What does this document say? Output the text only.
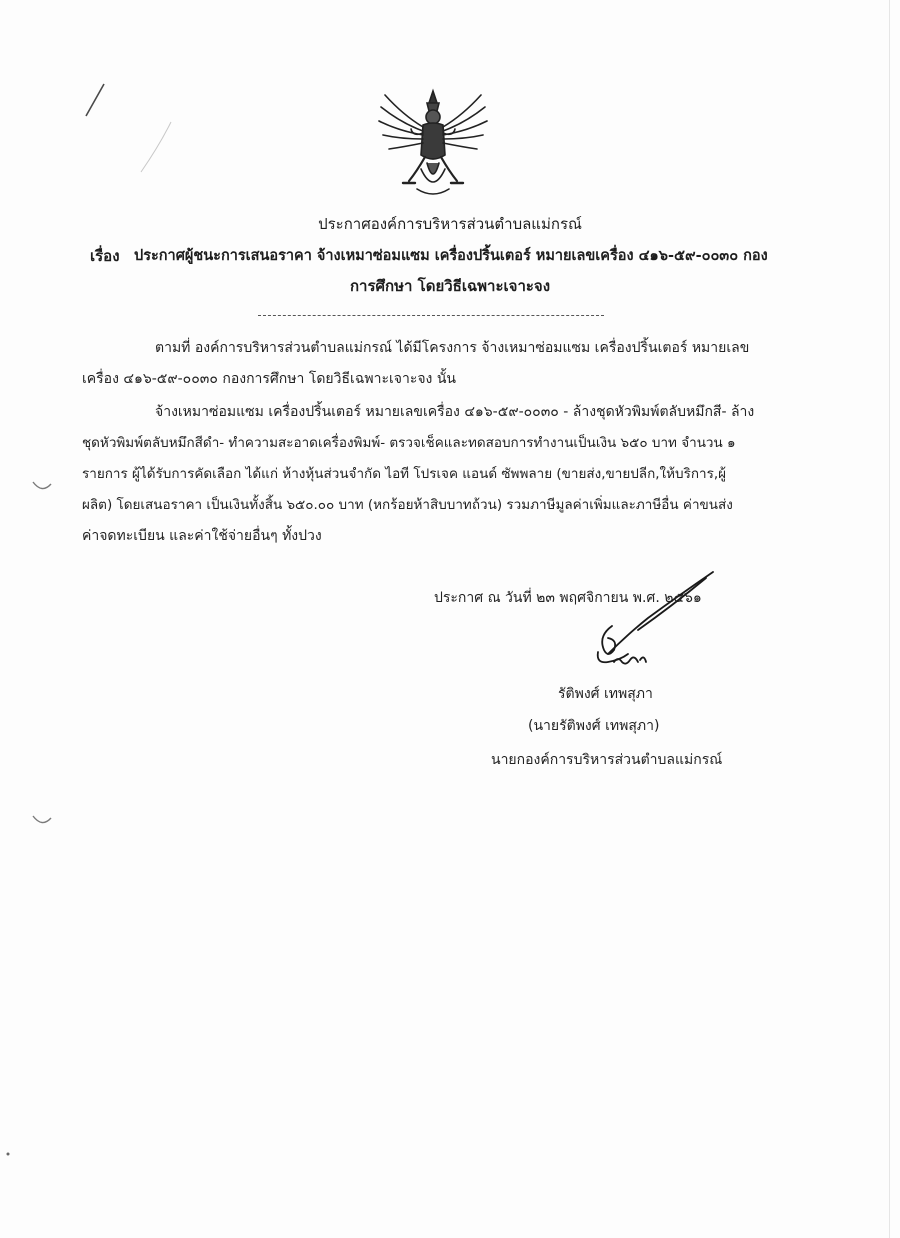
ประกาศองค์การบริหารส่วนตำบลแม่กรณ์
เรื่อง ประกาศผู้ชนะการเสนอราคา จ้างเหมาซ่อมแซม เครื่องปริ้นเตอร์ หมายเลขเครื่อง ๔๑๖-๕๙-๐๐๓๐ กอง
การศึกษา โดยวิธีเฉพาะเจาะจง
ตามที่ องค์การบริหารส่วนตำบลแม่กรณ์ ได้มีโครงการ จ้างเหมาซ่อมแซม เครื่องปริ้นเตอร์ หมายเลข
เครื่อง ๔๑๖-๕๙-๐๐๓๐ กองการศึกษา โดยวิธีเฉพาะเจาะจง นั้น
จ้างเหมาซ่อมแซม เครื่องปริ้นเตอร์ หมายเลขเครื่อง ๔๑๖-๕๙-๐๐๓๐ - ล้างชุดหัวพิมพ์ตลับหมึกสี- ล้าง
ชุดหัวพิมพ์ตลับหมึกสีดำ- ทำความสะอาดเครื่องพิมพ์- ตรวจเช็คและทดสอบการทำงานเป็นเงิน ๖๕๐ บาท จำนวน ๑
รายการ ผู้ได้รับการคัดเลือก ได้แก่ ห้างหุ้นส่วนจำกัด ไอที โปรเจค แอนด์ ซัพพลาย (ขายส่ง,ขายปลีก,ให้บริการ,ผู้
ผลิต) โดยเสนอราคา เป็นเงินทั้งสิ้น ๖๕๐.๐๐ บาท (หกร้อยห้าสิบบาทถ้วน) รวมภาษีมูลค่าเพิ่มและภาษีอื่น ค่าขนส่ง
ค่าจดทะเบียน และค่าใช้จ่ายอื่นๆ ทั้งปวง
ประกาศ ณ วันที่ ๒๓ พฤศจิกายน พ.ศ. ๒๕๖๑
รัติพงศ์ เทพสุภา
(นายรัติพงศ์ เทพสุภา)
นายกองค์การบริหารส่วนตำบลแม่กรณ์
